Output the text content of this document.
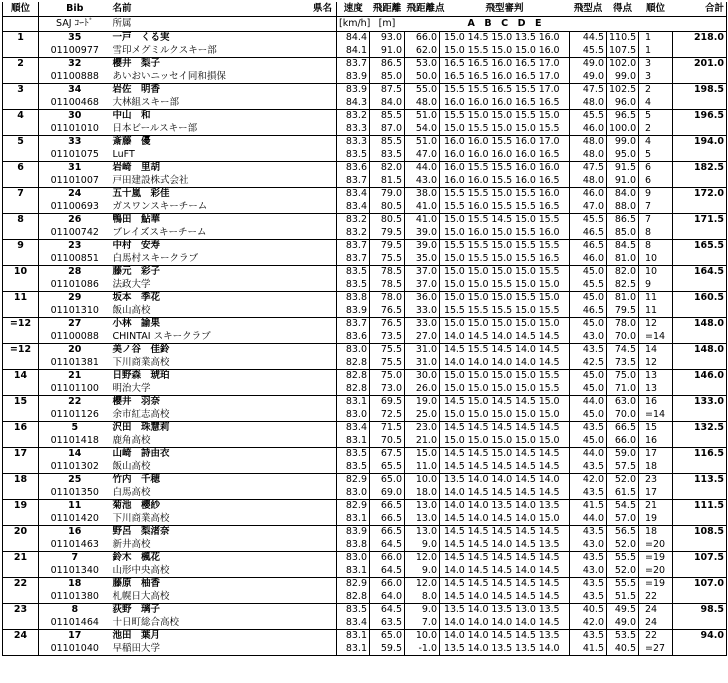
順位	Bib	名前 県名	速度	飛距離	飛距離点	飛型審判	飛型点	得点	順位	合計
	SAJ ｺｰﾄﾞ	所属	[km/h]	[m]		A　B　C　D　E				
1	35	一戸　くる実	84.4	93.0	66.0	15.0 14.5 15.0 13.5 16.0	44.5	110.5	1	218.0
	01100977	雪印メグミルクスキー部	84.1	91.0	62.0	15.0 15.5 15.0 15.0 16.0	45.5	107.5	1	
2	32	櫻井　梨子	83.7	86.5	53.0	16.5 16.5 16.0 16.5 17.0	49.0	102.0	3	201.0
	01100888	あいおいニッセイ同和損保	83.9	85.0	50.0	16.5 16.5 16.0 16.5 17.0	49.0	99.0	3	
3	34	岩佐　明香	83.9	87.5	55.0	15.5 15.5 16.5 15.5 17.0	47.5	102.5	2	198.5
	01100468	大林組スキー部	84.3	84.0	48.0	16.0 16.0 16.0 16.5 16.5	48.0	96.0	4	
4	30	中山　和	83.2	85.5	51.0	15.5 15.0 15.0 15.5 15.0	45.5	96.5	5	196.5
	01101010	日本ビールスキー部	83.3	87.0	54.0	15.0 15.5 15.0 15.0 15.5	46.0	100.0	2	
5	33	斎藤　優	83.3	85.5	51.0	16.0 16.0 15.5 16.0 17.0	48.0	99.0	4	194.0
	01101075	LuFT	83.5	83.5	47.0	16.0 16.0 16.0 16.0 16.5	48.0	95.0	5	
6	31	岩崎　里胡	83.6	82.0	44.0	16.0 15.5 15.5 16.0 16.0	47.5	91.5	6	182.5
	01101007	戸田建設株式会社	83.7	81.5	43.0	16.0 16.0 15.5 16.0 16.5	48.0	91.0	6	
7	24	五十嵐　彩佳	83.4	79.0	38.0	15.5 15.5 15.0 15.5 16.0	46.0	84.0	9	172.0
	01100693	ガスワンスキーチーム	83.4	80.5	41.0	15.5 16.0 15.5 15.5 16.5	47.0	88.0	7	
8	26	鴨田　鮎華	83.2	80.5	41.0	15.0 15.5 14.5 15.0 15.5	45.5	86.5	7	171.5
	01100742	ブレイズスキーチーム	83.2	79.5	39.0	15.0 16.0 15.0 15.5 16.0	46.5	85.0	8	
9	23	中村　安寿	83.7	79.5	39.0	15.5 15.5 15.0 15.5 15.5	46.5	84.5	8	165.5
	01100851	白馬村スキークラブ	83.7	75.5	35.0	15.0 15.5 15.0 15.5 16.5	46.0	81.0	10	
10	28	藤元　彩子	83.5	78.5	37.0	15.0 15.0 15.0 15.0 15.5	45.0	82.0	10	164.5
	01101086	法政大学	83.5	78.5	37.0	15.0 15.0 15.5 15.0 15.0	45.5	82.5	9	
11	29	坂本　季花	83.8	78.0	36.0	15.0 15.0 15.0 15.5 15.0	45.0	81.0	11	160.5
	01101310	飯山高校	83.9	76.5	33.0	15.5 15.5 15.5 15.0 15.5	46.5	79.5	11	
=12	27	小林　諭果	83.7	76.5	33.0	15.0 15.0 15.0 15.0 15.0	45.0	78.0	12	148.0
	01100088	CHINTAI スキークラブ	83.6	73.5	27.0	14.0 14.5 14.0 14.5 14.5	43.0	70.0	=14	
=12	20	美ノ谷　佳鈴	83.0	75.5	31.0	14.5 15.5 14.5 14.0 14.5	43.5	74.5	14	148.0
	01101381	下川商業高校	82.8	75.5	31.0	14.0 14.0 14.0 14.0 14.5	42.5	73.5	12	
14	21	日野森　琥珀	82.8	75.0	30.0	15.0 15.0 15.0 15.0 15.5	45.0	75.0	13	146.0
	01101100	明治大学	82.8	73.0	26.0	15.0 15.0 15.0 15.0 15.5	45.0	71.0	13	
15	22	櫻井　羽奈	83.1	69.5	19.0	14.5 15.0 14.5 14.5 15.0	44.0	63.0	16	133.0
	01101126	余市紅志高校	83.0	72.5	25.0	15.0 15.0 15.0 15.0 15.0	45.0	70.0	=14	
16	5	沢田　珠慧莉	83.4	71.5	23.0	14.5 14.5 14.5 14.5 14.5	43.5	66.5	15	132.5
	01101418	鹿角高校	83.1	70.5	21.0	15.0 15.0 15.0 15.0 15.0	45.0	66.0	16	
17	14	山崎　詩由衣	83.5	67.5	15.0	14.5 14.5 15.0 14.5 14.5	44.0	59.0	17	116.5
	01101302	飯山高校	83.5	65.5	11.0	14.5 14.5 14.5 14.5 14.5	43.5	57.5	18	
18	25	竹内　千穂	82.9	65.0	10.0	13.5 14.0 14.0 14.5 14.0	42.0	52.0	23	113.5
	01101350	白馬高校	83.0	69.0	18.0	14.0 14.5 14.5 14.5 14.5	43.5	61.5	17	
19	11	菊池　櫻紗	82.9	66.5	13.0	14.0 14.0 13.5 14.0 13.5	41.5	54.5	21	111.5
	01101420	下川商業高校	83.1	66.5	13.0	14.5 14.0 14.5 14.0 15.0	44.0	57.0	19	
20	16	野呂　梨渚奈	83.9	66.5	13.0	14.5 14.5 14.5 14.5 14.5	43.5	56.5	18	108.5
	01101463	新井高校	83.8	64.5	9.0	14.5 14.5 14.0 14.5 13.5	43.0	52.0	=20	
21	7	鈴木　楓花	83.0	66.0	12.0	14.5 14.5 14.5 14.5 14.5	43.5	55.5	=19	107.5
	01101340	山形中央高校	83.1	64.5	9.0	14.0 14.5 14.5 14.0 14.5	43.0	52.0	=20	
22	18	藤原　柚香	82.9	66.0	12.0	14.5 14.5 14.5 14.5 14.5	43.5	55.5	=19	107.0
	01101380	札幌日大高校	82.8	64.0	8.0	14.5 14.0 14.5 14.5 14.5	43.5	51.5	22	
23	8	荻野　璃子	83.5	64.5	9.0	13.5 14.0 13.5 13.0 13.5	40.5	49.5	24	98.5
	01101464	十日町総合高校	83.4	63.5	7.0	14.0 14.0 14.0 14.0 14.5	42.0	49.0	24	
24	17	池田　葉月	83.1	65.0	10.0	14.0 14.0 14.5 14.5 13.5	43.5	53.5	22	94.0
	01101040	早稲田大学	83.1	59.5	-1.0	13.5 14.0 13.5 13.5 14.0	41.5	40.5	=27	
